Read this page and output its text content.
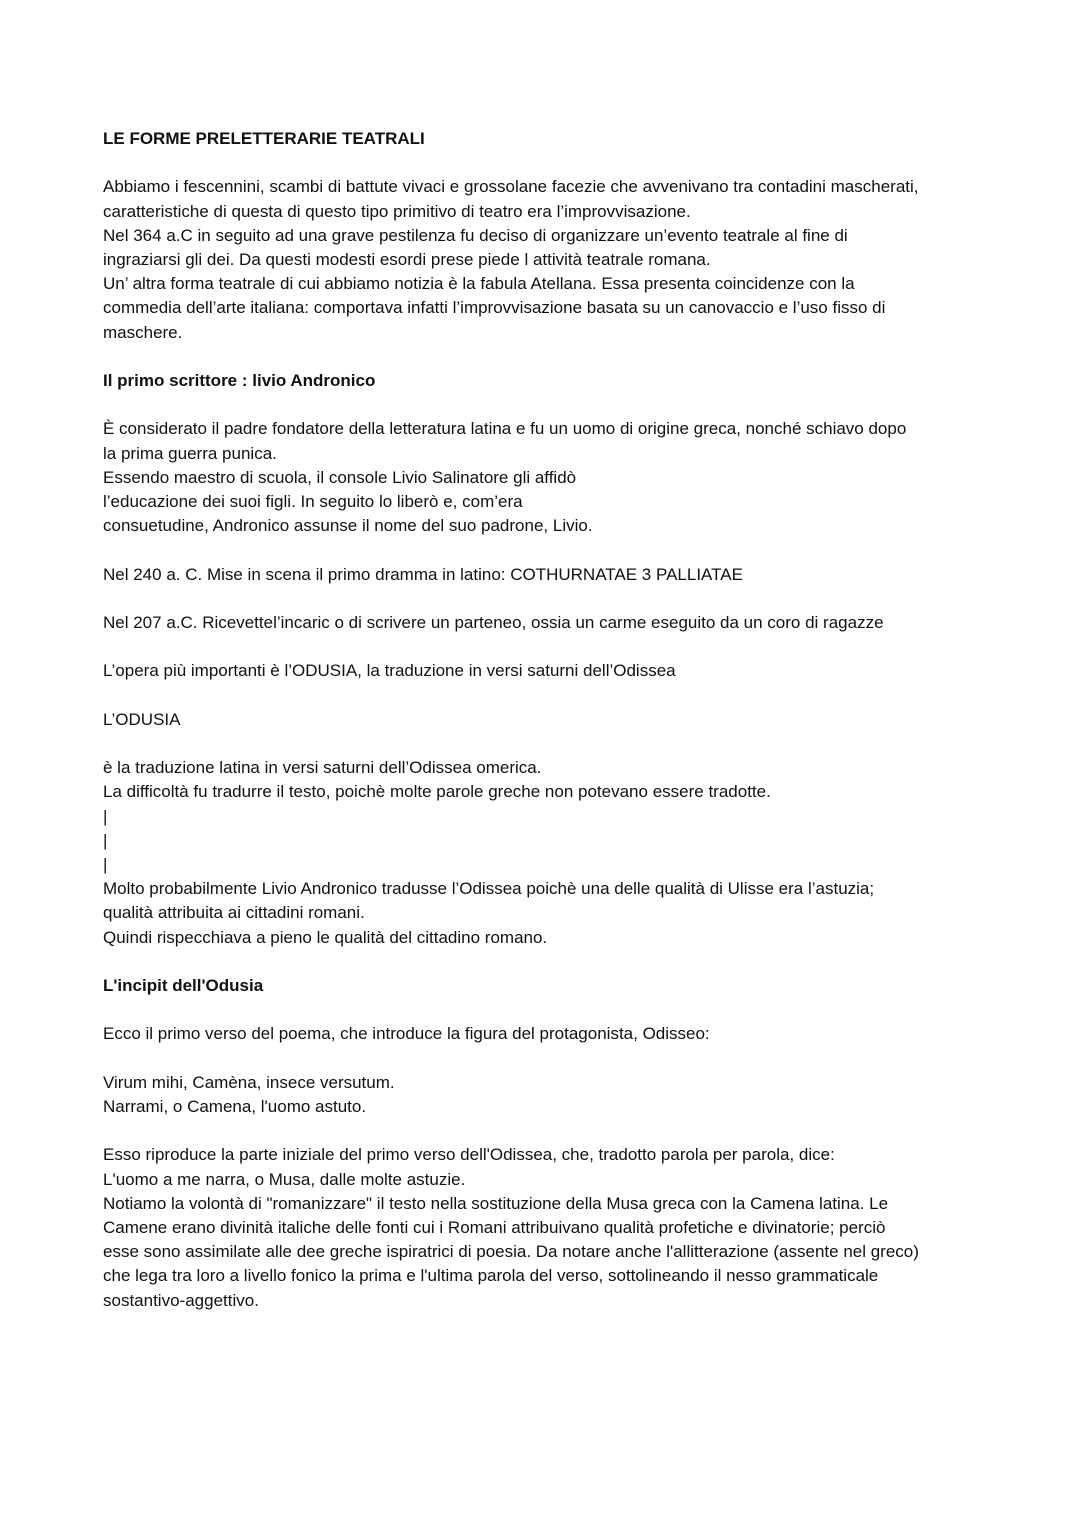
LE FORME PRELETTERARIE TEATRALI

Abbiamo i fescennini, scambi di battute vivaci e grossolane facezie che avvenivano tra contadini mascherati,

caratteristiche di questa di questo tipo primitivo di teatro era l’improvvisazione.

Nel 364 a.C in seguito ad una grave pestilenza fu deciso di organizzare un’evento teatrale al fine di

ingraziarsi gli dei. Da questi modesti esordi prese piede l attività teatrale romana.

Un’ altra forma teatrale di cui abbiamo notizia è la fabula Atellana. Essa presenta coincidenze con la

commedia dell’arte italiana: comportava infatti l’improvvisazione basata su un canovaccio e l’uso fisso di

maschere.

Il primo scrittore : livio Andronico

È considerato il padre fondatore della letteratura latina e fu un uomo di origine greca, nonché schiavo dopo

la prima guerra punica.

Essendo maestro di scuola, il console Livio Salinatore gli affidò

l’educazione dei suoi figli. In seguito lo liberò e, com’era

consuetudine, Andronico assunse il nome del suo padrone, Livio.

Nel 240 a. C. Mise in scena il primo dramma in latino: COTHURNATAE 3 PALLIATAE

Nel 207 a.C. Ricevettel’incaric o di scrivere un parteneo, ossia un carme eseguito da un coro di ragazze

L’opera più importanti è l’ODUSIA, la traduzione in versi saturni dell’Odissea

L’ODUSIA

è la traduzione latina in versi saturni dell’Odissea omerica.

La difficoltà fu tradurre il testo, poichè molte parole greche non potevano essere tradotte.

|

|

|

Molto probabilmente Livio Andronico tradusse l’Odissea poichè una delle qualità di Ulisse era l’astuzia;

qualità attribuita ai cittadini romani.

Quindi rispecchiava a pieno le qualità del cittadino romano.

L'incipit dell'Odusia

Ecco il primo verso del poema, che introduce la figura del protagonista, Odisseo:

Virum mihi, Camèna, insece versutum.

Narrami, o Camena, l'uomo astuto.

Esso riproduce la parte iniziale del primo verso dell'Odissea, che, tradotto parola per parola, dice:

L'uomo a me narra, o Musa, dalle molte astuzie.

Notiamo la volontà di "romanizzare" il testo nella sostituzione della Musa greca con la Camena latina. Le

Camene erano divinità italiche delle fonti cui i Romani attribuivano qualità profetiche e divinatorie; perciò

esse sono assimilate alle dee greche ispiratrici di poesia. Da notare anche l'allitterazione (assente nel greco)

che lega tra loro a livello fonico la prima e l'ultima parola del verso, sottolineando il nesso grammaticale

sostantivo-aggettivo.
